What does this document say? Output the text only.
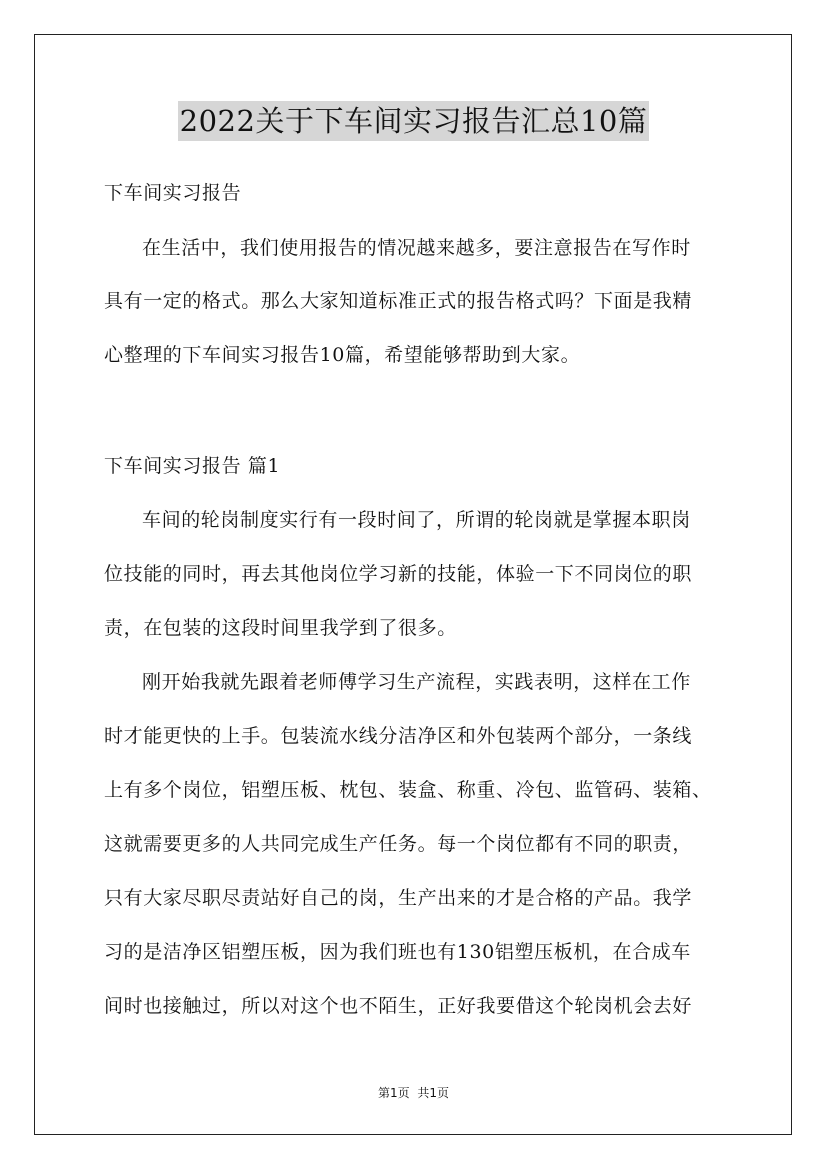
2022关于下车间实习报告汇总10篇
下车间实习报告
在生活中，我们使用报告的情况越来越多，要注意报告在写作时
具有一定的格式。那么大家知道标准正式的报告格式吗？下面是我精
心整理的下车间实习报告10篇，希望能够帮助到大家。
下车间实习报告 篇1
车间的轮岗制度实行有一段时间了，所谓的轮岗就是掌握本职岗
位技能的同时，再去其他岗位学习新的技能，体验一下不同岗位的职
责，在包装的这段时间里我学到了很多。
刚开始我就先跟着老师傅学习生产流程，实践表明，这样在工作
时才能更快的上手。包装流水线分洁净区和外包装两个部分，一条线
上有多个岗位，铝塑压板、枕包、装盒、称重、冷包、监管码、装箱、
这就需要更多的人共同完成生产任务。每一个岗位都有不同的职责，
只有大家尽职尽责站好自己的岗，生产出来的才是合格的产品。我学
习的是洁净区铝塑压板，因为我们班也有130铝塑压板机，在合成车
间时也接触过，所以对这个也不陌生，正好我要借这个轮岗机会去好
第1页 共1页
